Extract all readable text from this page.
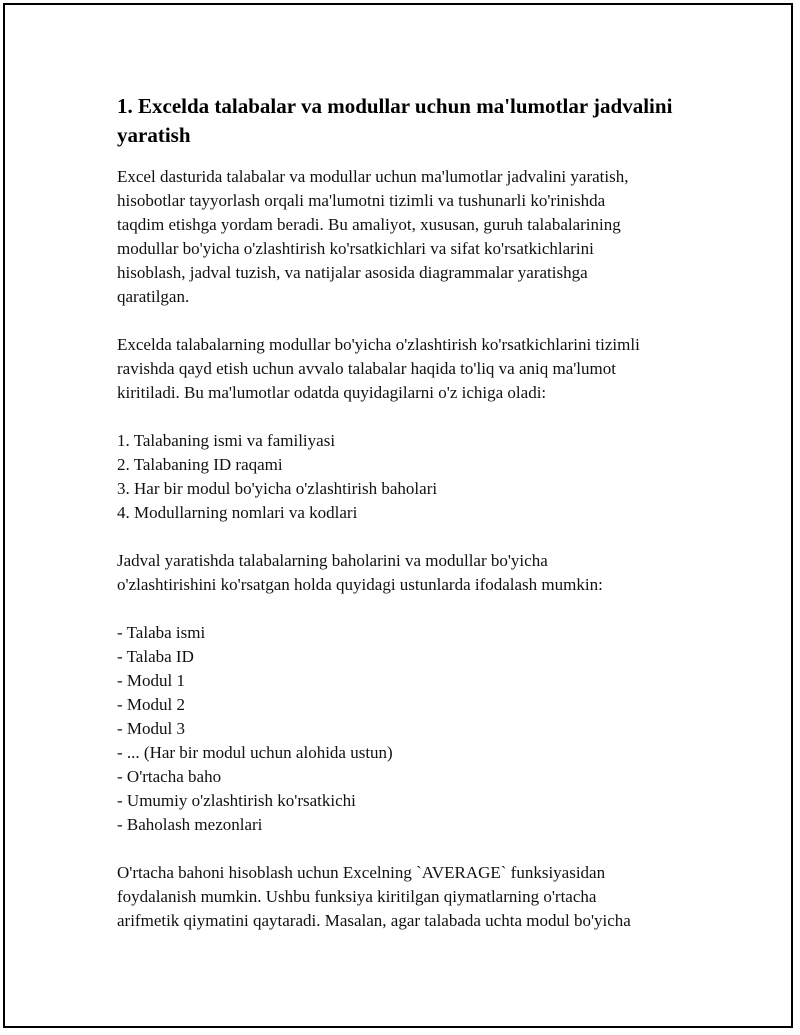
1. Excelda talabalar va modullar uchun ma'lumotlar jadvalini yaratish

Excel dasturida talabalar va modullar uchun ma'lumotlar jadvalini yaratish,
hisobotlar tayyorlash orqali ma'lumotni tizimli va tushunarli ko'rinishda
taqdim etishga yordam beradi. Bu amaliyot, xususan, guruh talabalarining
modullar bo'yicha o'zlashtirish ko'rsatkichlari va sifat ko'rsatkichlarini
hisoblash, jadval tuzish, va natijalar asosida diagrammalar yaratishga
qaratilgan.

Excelda talabalarning modullar bo'yicha o'zlashtirish ko'rsatkichlarini tizimli
ravishda qayd etish uchun avvalo talabalar haqida to'liq va aniq ma'lumot
kiritiladi. Bu ma'lumotlar odatda quyidagilarni o'z ichiga oladi:

1. Talabaning ismi va familiyasi
2. Talabaning ID raqami
3. Har bir modul bo'yicha o'zlashtirish baholari
4. Modullarning nomlari va kodlari

Jadval yaratishda talabalarning baholarini va modullar bo'yicha
o'zlashtirishini ko'rsatgan holda quyidagi ustunlarda ifodalash mumkin:

- Talaba ismi
- Talaba ID
- Modul 1
- Modul 2
- Modul 3
- ... (Har bir modul uchun alohida ustun)
- O'rtacha baho
- Umumiy o'zlashtirish ko'rsatkichi
- Baholash mezonlari

O'rtacha bahoni hisoblash uchun Excelning `AVERAGE` funksiyasidan
foydalanish mumkin. Ushbu funksiya kiritilgan qiymatlarning o'rtacha
arifmetik qiymatini qaytaradi. Masalan, agar talabada uchta modul bo'yicha
